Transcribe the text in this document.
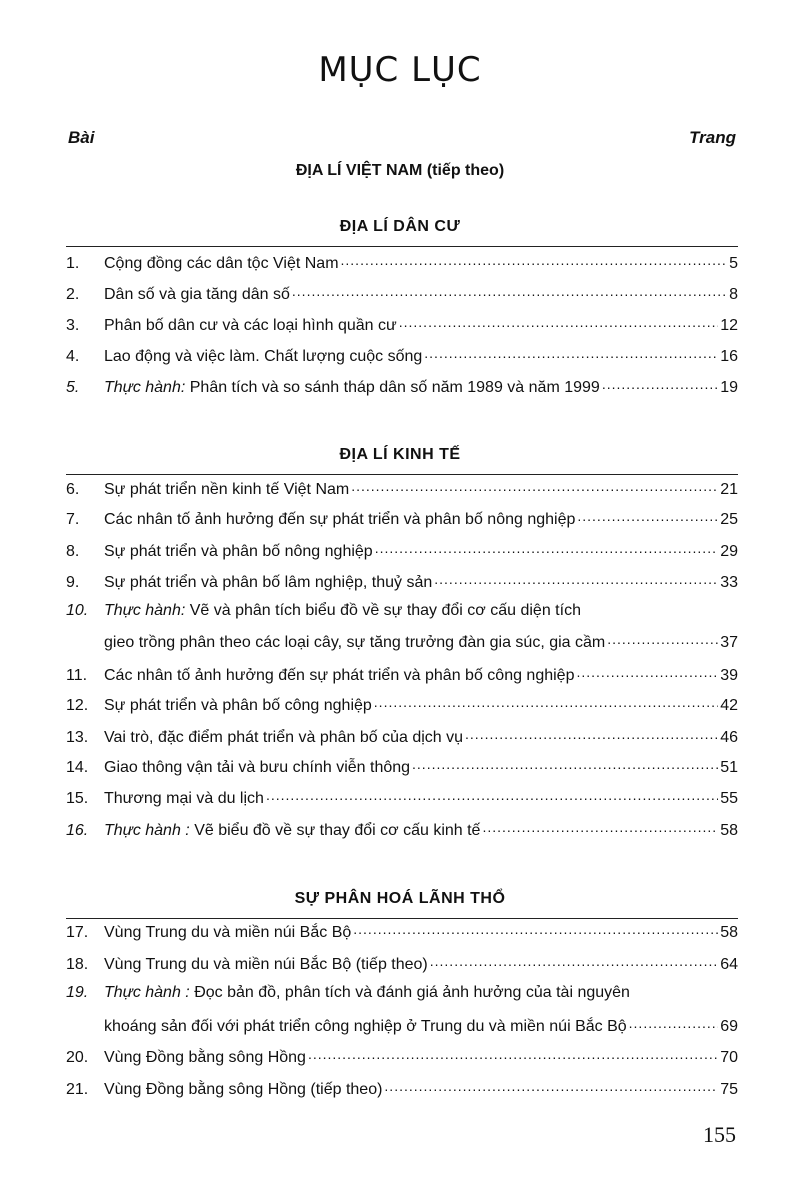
MỤC LỤC
Bài	Trang
ĐỊA LÍ VIỆT NAM (tiếp theo)
ĐỊA LÍ DÂN CƯ
1.	Cộng đồng các dân tộc Việt Nam .....	5
2.	Dân số và gia tăng dân số .....	8
3.	Phân bố dân cư và các loại hình quần cư .....	12
4.	Lao động và việc làm. Chất lượng cuộc sống .....	16
5.	Thực hành: Phân tích và so sánh tháp dân số năm 1989 và năm 1999 .....	19
ĐỊA LÍ KINH TẾ
6.	Sự phát triển nền kinh tế Việt Nam .....	21
7.	Các nhân tố ảnh hưởng đến sự phát triển và phân bố nông nghiệp .....	25
8.	Sự phát triển và phân bố nông nghiệp .....	29
9.	Sự phát triển và phân bố lâm nghiệp, thuỷ sản .....	33
10. Thực hành: Vẽ và phân tích biểu đồ về sự thay đổi cơ cấu diện tích
gieo trồng phân theo các loại cây, sự tăng trưởng đàn gia súc, gia cầm .....	37
11.	Các nhân tố ảnh hưởng đến sự phát triển và phân bố công nghiệp .....	39
12. Sự phát triển và phân bố công nghiệp .....	42
13. Vai trò, đặc điểm phát triển và phân bố của dịch vụ .....	46
14. Giao thông vận tải và bưu chính viễn thông .....	51
15. Thương mại và du lịch .....	55
16. Thực hành : Vẽ biểu đồ về sự thay đổi cơ cấu kinh tế .....	58
SỰ PHÂN HOÁ LÃNH THỔ
17. Vùng Trung du và miền núi Bắc Bộ .....	58
18. Vùng Trung du và miền núi Bắc Bộ (tiếp theo) .....	64
19. Thực hành : Đọc bản đồ, phân tích và đánh giá ảnh hưởng của tài nguyên
khoáng sản đối với phát triển công nghiệp ở Trung du và miền núi Bắc Bộ .....	69
20. Vùng Đồng bằng sông Hồng .....	70
21. Vùng Đồng bằng sông Hồng (tiếp theo) .....	75
155
